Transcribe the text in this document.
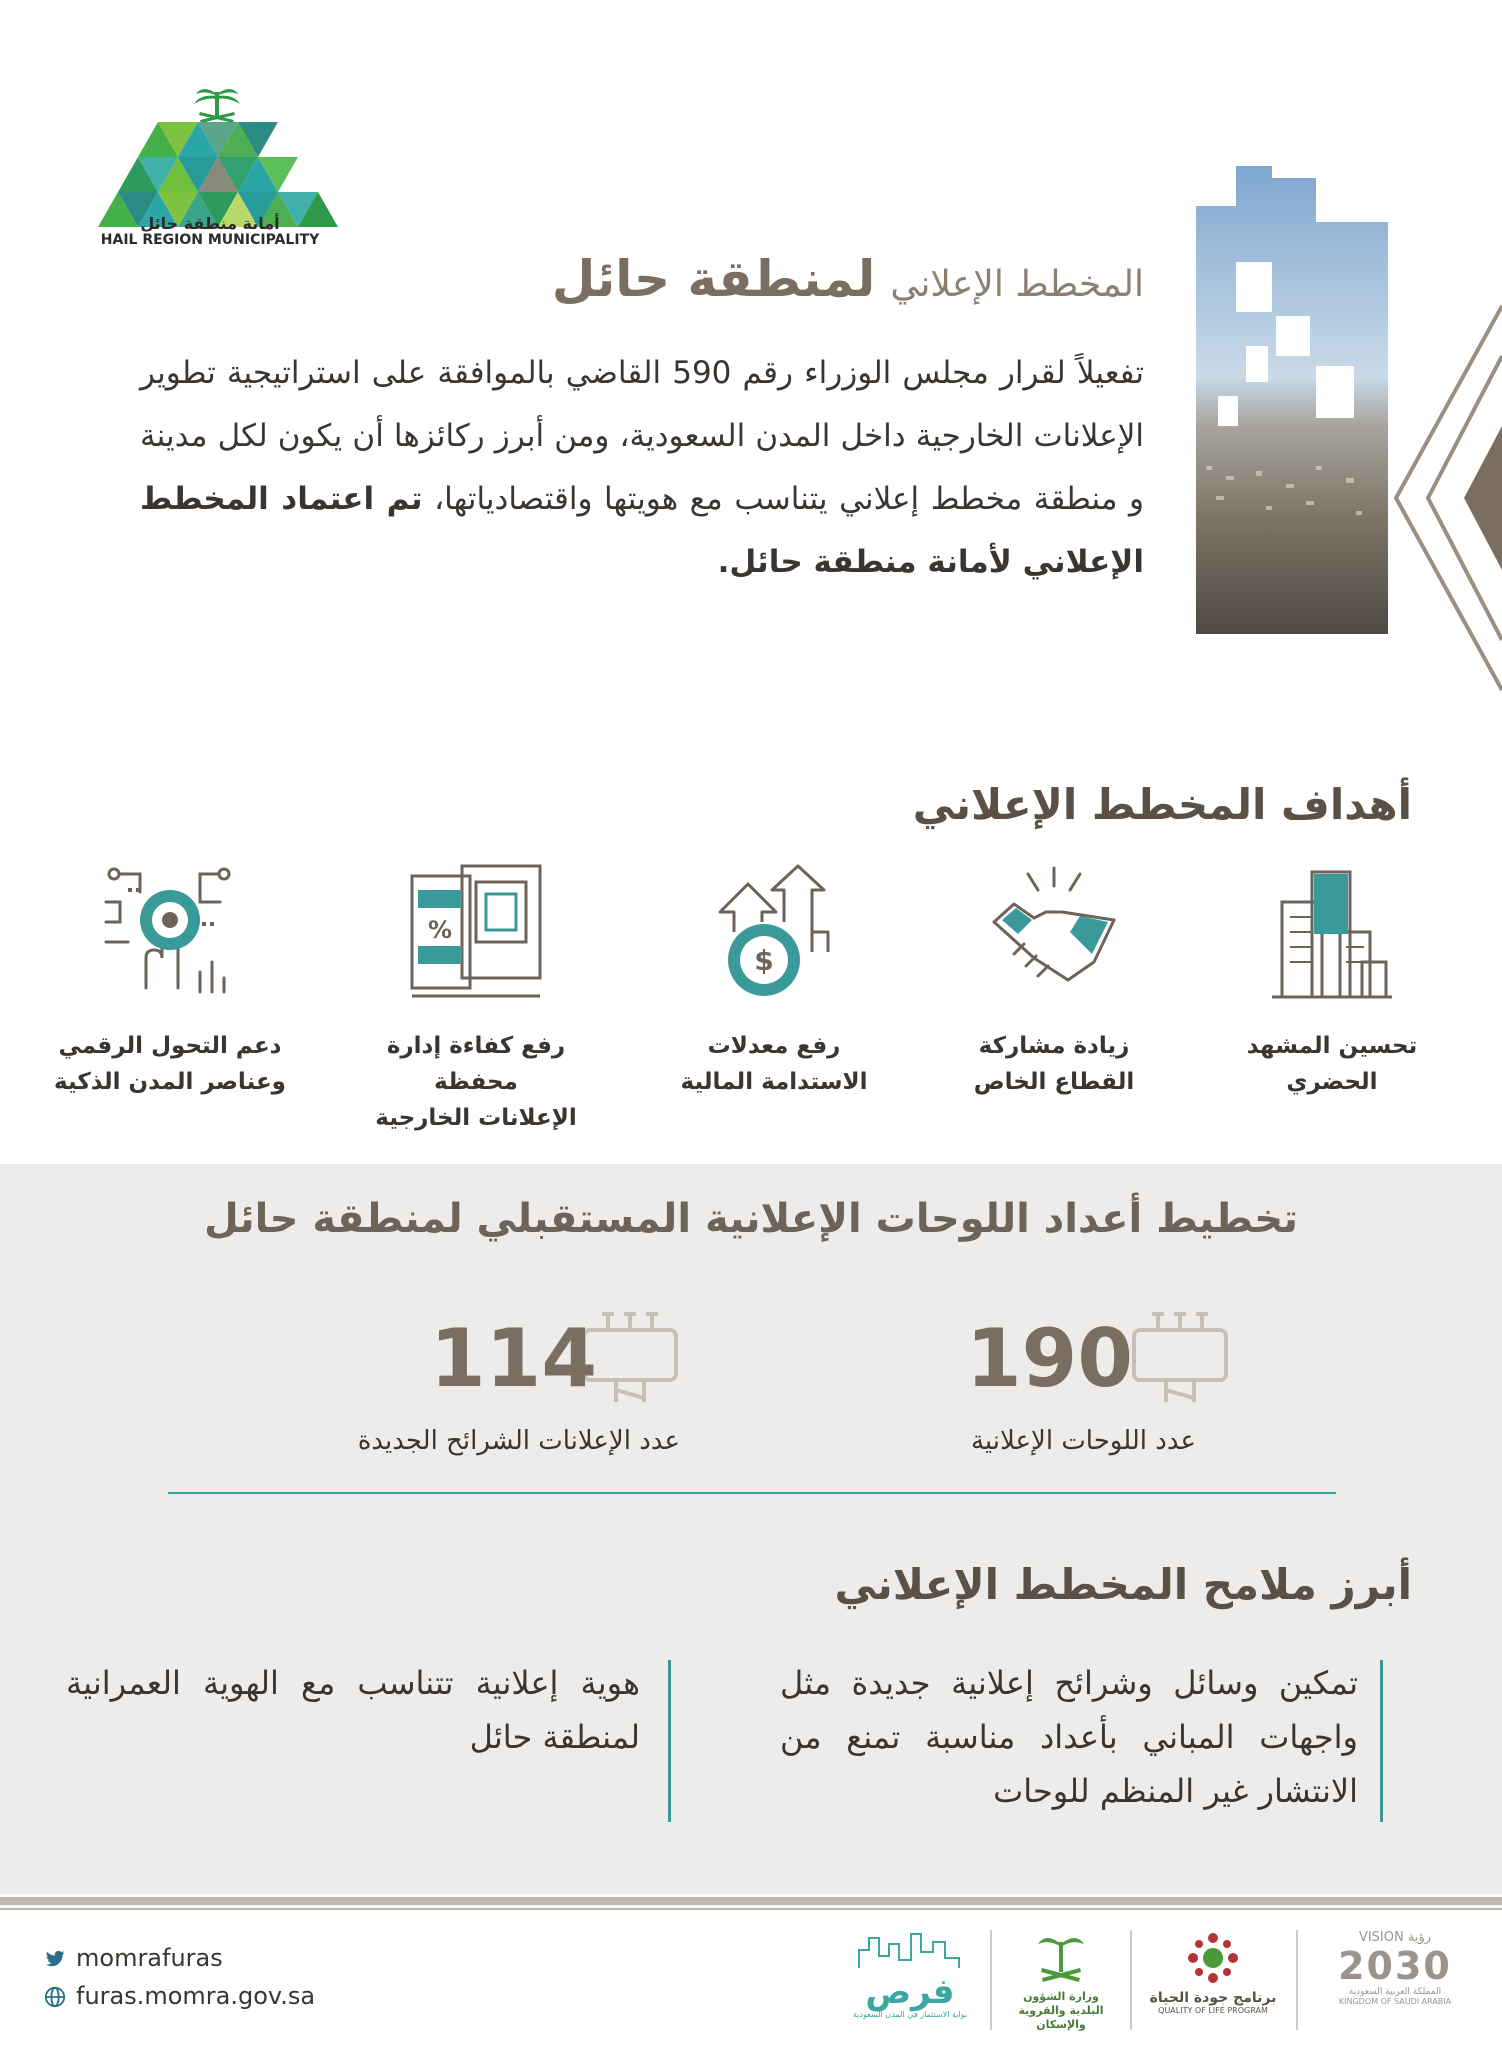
أمانة منطقة حائل
HAIL REGION MUNICIPALITY
المخطط الإعلاني لمنطقة حائل
تفعيلاً لقرار مجلس الوزراء رقم 590 القاضي بالموافقة على استراتيجية تطوير الإعلانات الخارجية داخل المدن السعودية، ومن أبرز ركائزها أن يكون لكل مدينة و منطقة مخطط إعلاني يتناسب مع هويتها واقتصادياتها، تم اعتماد المخطط الإعلاني لأمانة منطقة حائل.
أهداف المخطط الإعلاني
تحسين المشهد
الحضري
زيادة مشاركة
القطاع الخاص
$
رفع معدلات
الاستدامة المالية
%
رفع كفاءة إدارة محفظة
الإعلانات الخارجية
دعم التحول الرقمي
وعناصر المدن الذكية
تخطيط أعداد اللوحات الإعلانية المستقبلي لمنطقة حائل
190
عدد اللوحات الإعلانية
114
عدد الإعلانات الشرائح الجديدة
أبرز ملامح المخطط الإعلاني
تمكين وسائل وشرائح إعلانية جديدة مثل واجهات المباني بأعداد مناسبة تمنع من الانتشار غير المنظم للوحات
هوية إعلانية تتناسب مع الهوية العمرانية لمنطقة حائل
momrafuras
furas.momra.gov.sa	فرص
بوابة الاستثمار في المدن السعودية
وزارة الشؤون البلدية والقروية والإسكان
برنامج جودة الحياة
QUALITY OF LIFE PROGRAM
VISION رؤية
2030
المملكة العربية السعودية
KINGDOM OF SAUDI ARABIA
